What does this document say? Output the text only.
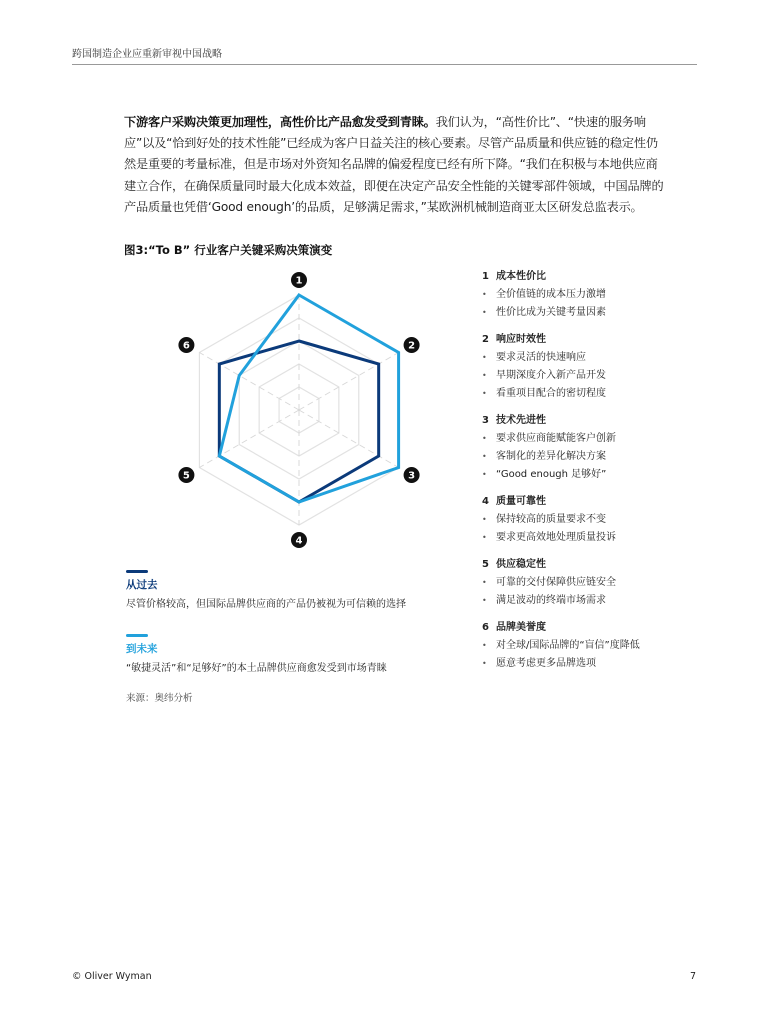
跨国制造企业应重新审视中国战略
下游客户采购决策更加理性，高性价比产品愈发受到青睐。我们认为，“高性价比”、“快速的服务响应”以及“恰到好处的技术性能”已经成为客户日益关注的核心要素。尽管产品质量和供应链的稳定性仍然是重要的考量标准，但是市场对外资知名品牌的偏爱程度已经有所下降。“我们在积极与本地供应商建立合作，在确保质量同时最大化成本效益，即便在决定产品安全性能的关键零部件领域，中国品牌的产品质量也凭借‘Good enough’的品质，足够满足需求，”某欧洲机械制造商亚太区研发总监表示。
图3:“To B” 行业客户关键采购决策演变
1
2
3
4
5
6
1 成本性价比
• 全价值链的成本压力激增
• 性价比成为关键考量因素
2 响应时效性
• 要求灵活的快速响应
• 早期深度介入新产品开发
• 看重项目配合的密切程度
3 技术先进性
• 要求供应商能赋能客户创新
• 客制化的差异化解决方案
• “Good enough 足够好”
4 质量可靠性
• 保持较高的质量要求不变
• 要求更高效地处理质量投诉
5 供应稳定性
• 可靠的交付保障供应链安全
• 满足波动的终端市场需求
6 品牌美誉度
• 对全球/国际品牌的“盲信”度降低
• 愿意考虑更多品牌选项
从过去
尽管价格较高，但国际品牌供应商的产品仍被视为可信赖的选择
到未来
“敏捷灵活”和“足够好”的本土品牌供应商愈发受到市场青睐
来源：奥纬分析
© Oliver Wyman	7
